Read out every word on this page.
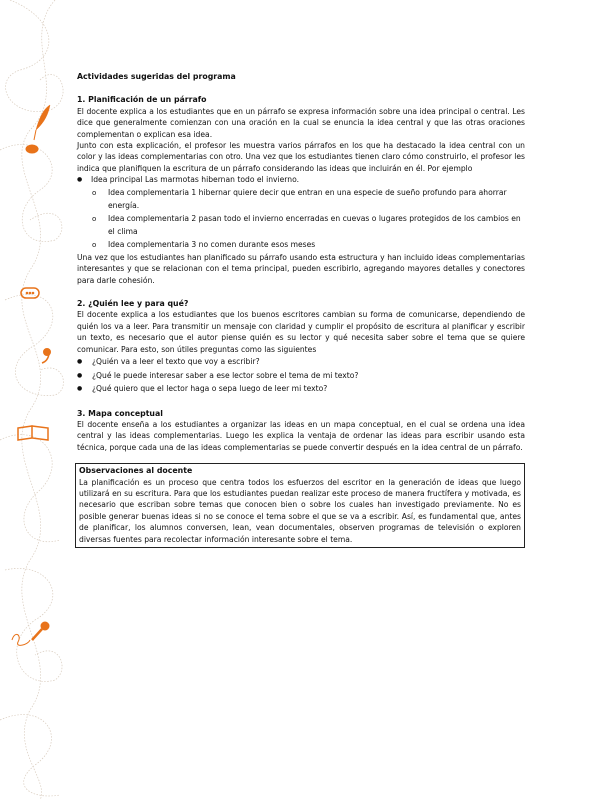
Actividades sugeridas del programa
1. Planificación de un párrafo

El docente explica a los estudiantes que en un párrafo se expresa información sobre una idea principal o central. Les dice que generalmente comienzan con una oración en la cual se enuncia la idea central y que las otras oraciones complementan o explican esa idea.

Junto con esta explicación, el profesor les muestra varios párrafos en los que ha destacado la idea central con un color y las ideas complementarias con otro. Una vez que los estudiantes tienen claro cómo construirlo, el profesor les indica que planifiquen la escritura de un párrafo considerando las ideas que incluirán en él. Por ejemplo

● Idea principal Las marmotas hibernan todo el invierno.
o Idea complementaria 1 hibernar quiere decir que entran en una especie de sueño profundo para ahorrar energía.
o Idea complementaria 2 pasan todo el invierno encerradas en cuevas o lugares protegidos de los cambios en el clima
o Idea complementaria 3 no comen durante esos meses

Una vez que los estudiantes han planificado su párrafo usando esta estructura y han incluido ideas complementarias interesantes y que se relacionan con el tema principal, pueden escribirlo, agregando mayores detalles y conectores para darle cohesión.

2. ¿Quién lee y para qué?

El docente explica a los estudiantes que los buenos escritores cambian su forma de comunicarse, dependiendo de quién los va a leer. Para transmitir un mensaje con claridad y cumplir el propósito de escritura al planificar y escribir un texto, es necesario que el autor piense quién es su lector y qué necesita saber sobre el tema que se quiere comunicar. Para esto, son útiles preguntas como las siguientes

● ¿Quién va a leer el texto que voy a escribir?
● ¿Qué le puede interesar saber a ese lector sobre el tema de mi texto?
● ¿Qué quiero que el lector haga o sepa luego de leer mi texto?
3. Mapa conceptual

El docente enseña a los estudiantes a organizar las ideas en un mapa conceptual, en el cual se ordena una idea central y las ideas complementarias. Luego les explica la ventaja de ordenar las ideas para escribir usando esta técnica, porque cada una de las ideas complementarias se puede convertir después en la idea central de un párrafo.

Observaciones al docente

La planificación es un proceso que centra todos los esfuerzos del escritor en la generación de ideas que luego utilizará en su escritura. Para que los estudiantes puedan realizar este proceso de manera fructífera y motivada, es necesario que escriban sobre temas que conocen bien o sobre los cuales han investigado previamente. No es posible generar buenas ideas si no se conoce el tema sobre el que se va a escribir. Así, es fundamental que, antes de planificar, los alumnos conversen, lean, vean documentales, observen programas de televisión o exploren diversas fuentes para recolectar información interesante sobre el tema.
